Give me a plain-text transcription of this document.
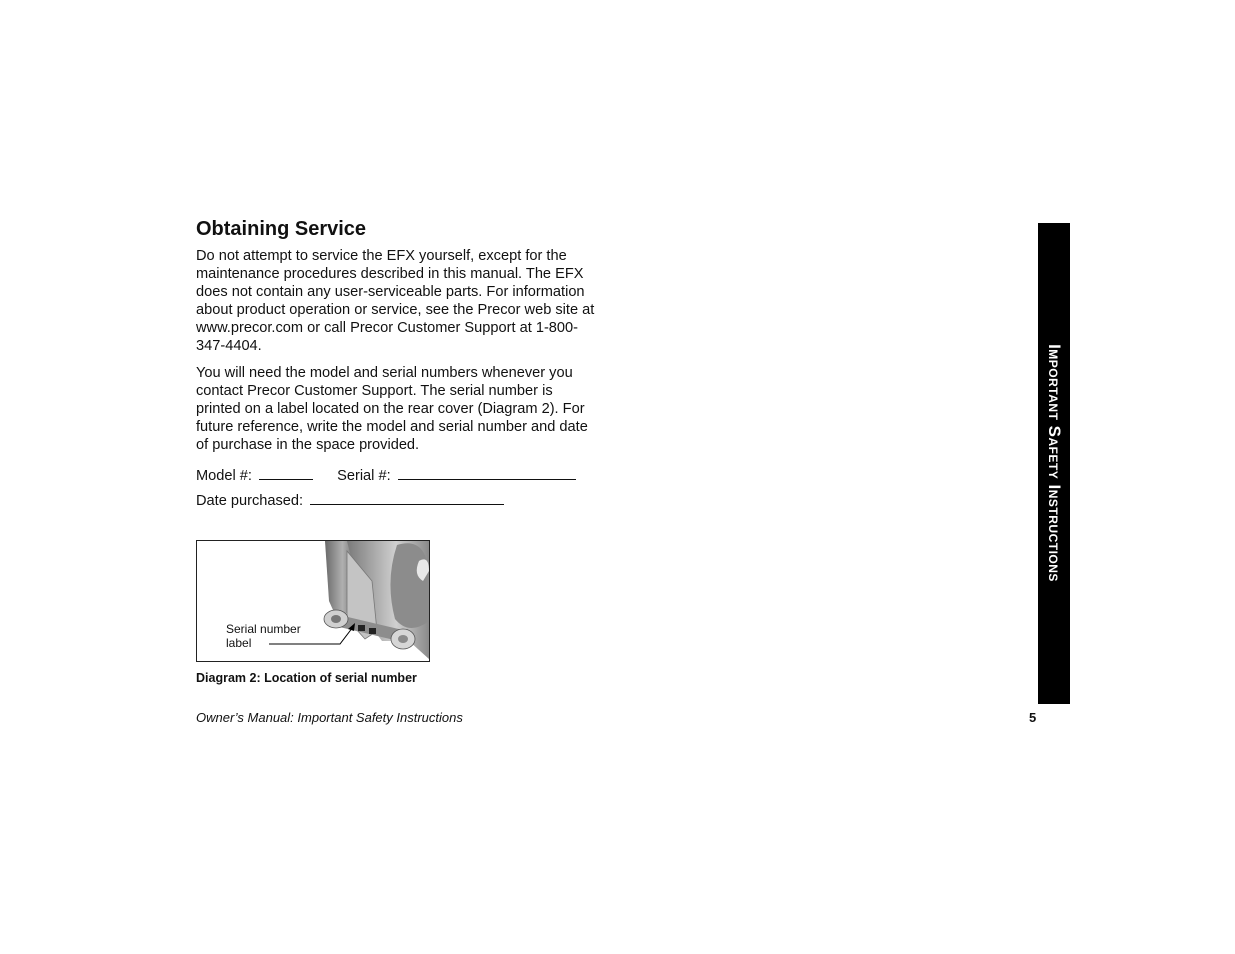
Obtaining Service

Do not attempt to service the EFX yourself, except for the maintenance procedures described in this manual. The EFX does not contain any user-serviceable parts. For information about product operation or service, see the Precor web site at www.precor.com or call Precor Customer Support at 1-800-347-4404.

You will need the model and serial numbers whenever you contact Precor Customer Support. The serial number is printed on a label located on the rear cover (Diagram 2). For future reference, write the model and serial number and date of purchase in the space provided.

Model #:	Serial #:
Date purchased:
Serial number label
Diagram 2: Location of serial number
Owner’s Manual: Important Safety Instructions	5
Important Safety Instructions
